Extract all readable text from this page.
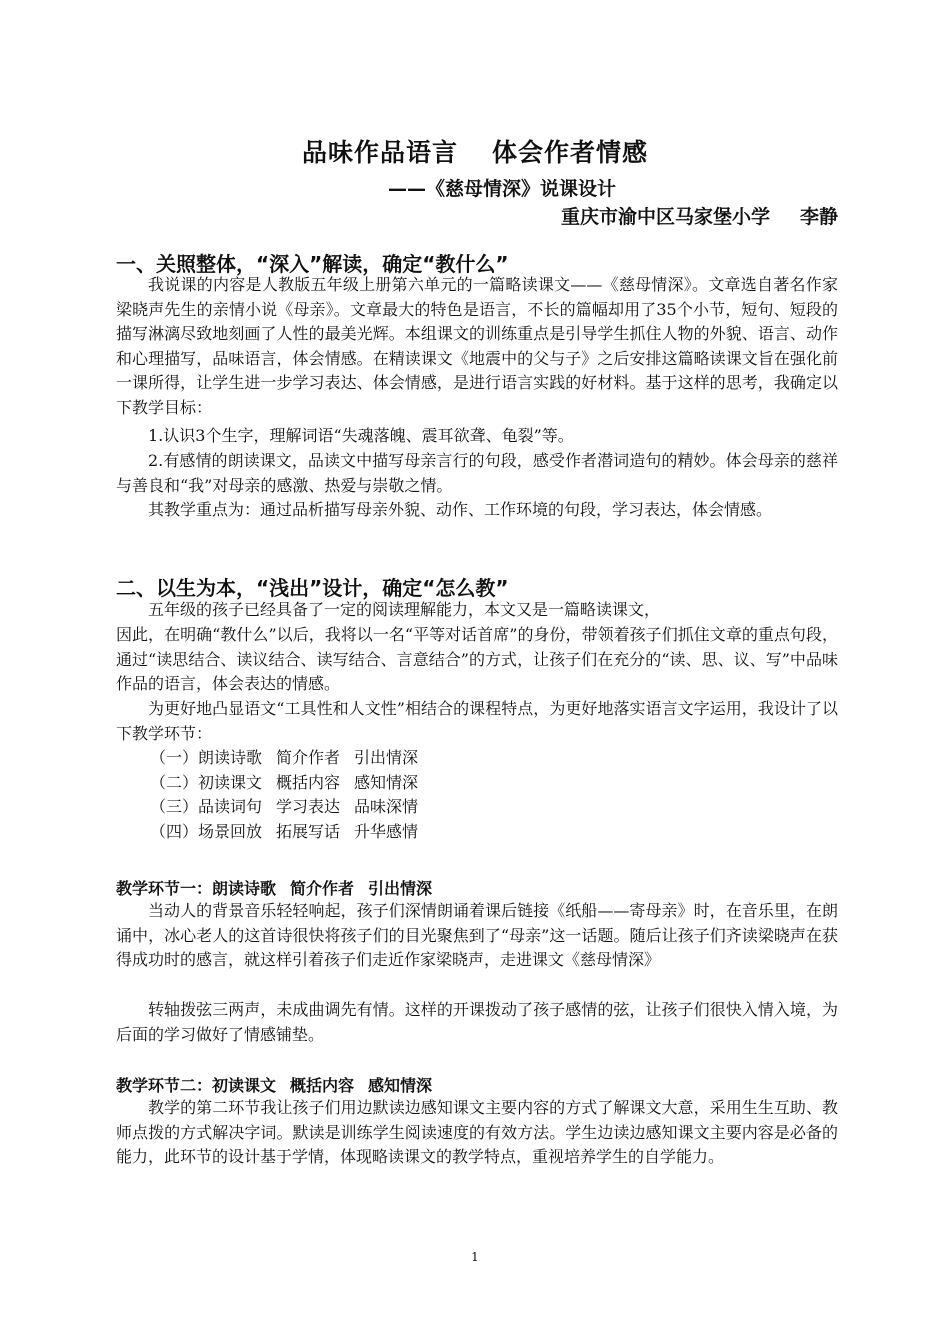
品味作品语言 体会作者情感
——《慈母情深》说课设计
重庆市渝中区马家堡小学 李静
一、关照整体，“深入”解读，确定“教什么”
我说课的内容是人教版五年级上册第六单元的一篇略读课文——《慈母情深》。文章选自著名作家梁晓声先生的亲情小说《母亲》。文章最大的特色是语言，不长的篇幅却用了35个小节，短句、短段的描写淋漓尽致地刻画了人性的最美光辉。本组课文的训练重点是引导学生抓住人物的外貌、语言、动作和心理描写，品味语言，体会情感。在精读课文《地震中的父与子》之后安排这篇略读课文旨在强化前一课所得，让学生进一步学习表达、体会情感，是进行语言实践的好材料。基于这样的思考，我确定以下教学目标：
1.认识3个生字，理解词语“失魂落魄、震耳欲聋、龟裂”等。
2.有感情的朗读课文，品读文中描写母亲言行的句段，感受作者潜词造句的精妙。体会母亲的慈祥与善良和“我”对母亲的感激、热爱与崇敬之情。
其教学重点为：通过品析描写母亲外貌、动作、工作环境的句段，学习表达，体会情感。
二、以生为本，“浅出”设计，确定“怎么教”
五年级的孩子已经具备了一定的阅读理解能力，本文又是一篇略读课文，
因此，在明确“教什么”以后，我将以一名“平等对话首席”的身份，带领着孩子们抓住文章的重点句段，通过“读思结合、读议结合、读写结合、言意结合”的方式，让孩子们在充分的“读、思、议、写”中品味作品的语言，体会表达的情感。
为更好地凸显语文“工具性和人文性”相结合的课程特点，为更好地落实语言文字运用，我设计了以下教学环节：
（一）朗读诗歌 简介作者 引出情深
（二）初读课文 概括内容 感知情深
（三）品读词句 学习表达 品味深情
（四）场景回放 拓展写话 升华感情
教学环节一：朗读诗歌 简介作者 引出情深
当动人的背景音乐轻轻响起，孩子们深情朗诵着课后链接《纸船——寄母亲》时，在音乐里，在朗诵中，冰心老人的这首诗很快将孩子们的目光聚焦到了“母亲”这一话题。随后让孩子们齐读梁晓声在获得成功时的感言，就这样引着孩子们走近作家梁晓声，走进课文《慈母情深》
转轴拨弦三两声，未成曲调先有情。这样的开课拨动了孩子感情的弦，让孩子们很快入情入境，为后面的学习做好了情感铺垫。
教学环节二：初读课文 概括内容 感知情深
教学的第二环节我让孩子们用边默读边感知课文主要内容的方式了解课文大意，采用生生互助、教师点拨的方式解决字词。默读是训练学生阅读速度的有效方法。学生边读边感知课文主要内容是必备的能力，此环节的设计基于学情，体现略读课文的教学特点，重视培养学生的自学能力。
1
